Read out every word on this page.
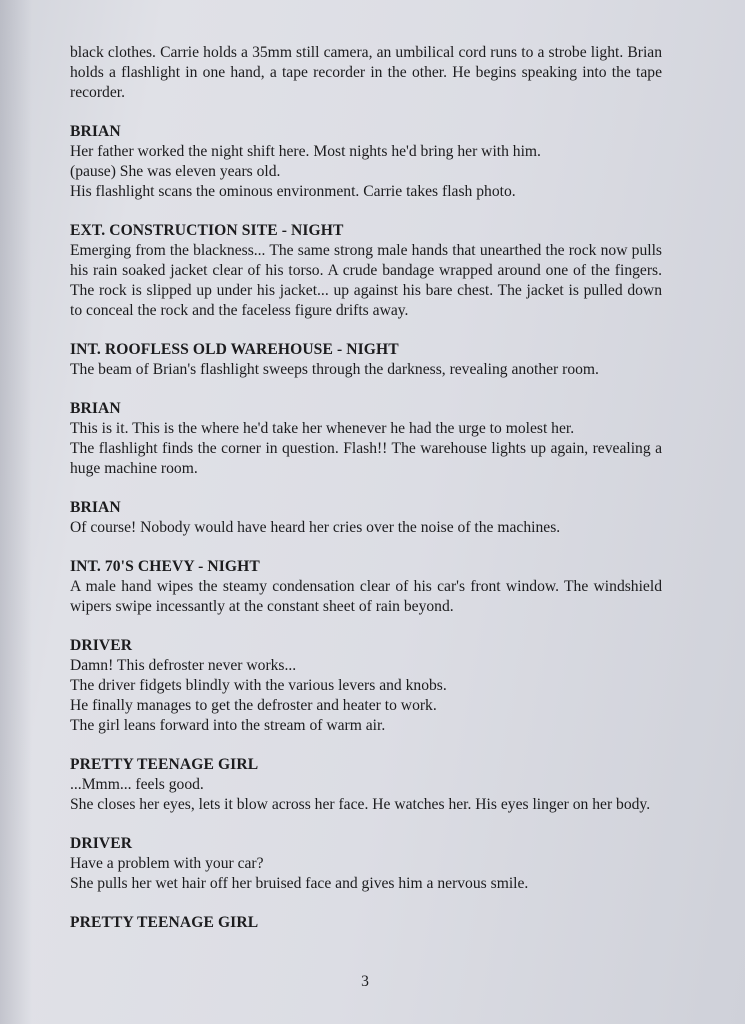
black clothes. Carrie holds a 35mm still camera, an umbilical cord runs to a strobe light. Brian holds a flashlight in one hand, a tape recorder in the other. He begins speaking into the tape recorder.

BRIAN

Her father worked the night shift here. Most nights he'd bring her with him.

(pause) She was eleven years old.

His flashlight scans the ominous environment. Carrie takes flash photo.

EXT. CONSTRUCTION SITE - NIGHT

Emerging from the blackness... The same strong male hands that unearthed the rock now pulls his rain soaked jacket clear of his torso. A crude bandage wrapped around one of the fingers. The rock is slipped up under his jacket... up against his bare chest. The jacket is pulled down to conceal the rock and the faceless figure drifts away.

INT. ROOFLESS OLD WAREHOUSE - NIGHT

The beam of Brian's flashlight sweeps through the darkness, revealing another room.

BRIAN

This is it. This is the where he'd take her whenever he had the urge to molest her.

The flashlight finds the corner in question. Flash!! The warehouse lights up again, revealing a huge machine room.

BRIAN

Of course! Nobody would have heard her cries over the noise of the machines.

INT. 70'S CHEVY - NIGHT

A male hand wipes the steamy condensation clear of his car's front window. The windshield wipers swipe incessantly at the constant sheet of rain beyond.

DRIVER

Damn! This defroster never works...

The driver fidgets blindly with the various levers and knobs.

He finally manages to get the defroster and heater to work.

The girl leans forward into the stream of warm air.

PRETTY TEENAGE GIRL

...Mmm... feels good.

She closes her eyes, lets it blow across her face. He watches her. His eyes linger on her body.

DRIVER

Have a problem with your car?

She pulls her wet hair off her bruised face and gives him a nervous smile.

PRETTY TEENAGE GIRL

3
